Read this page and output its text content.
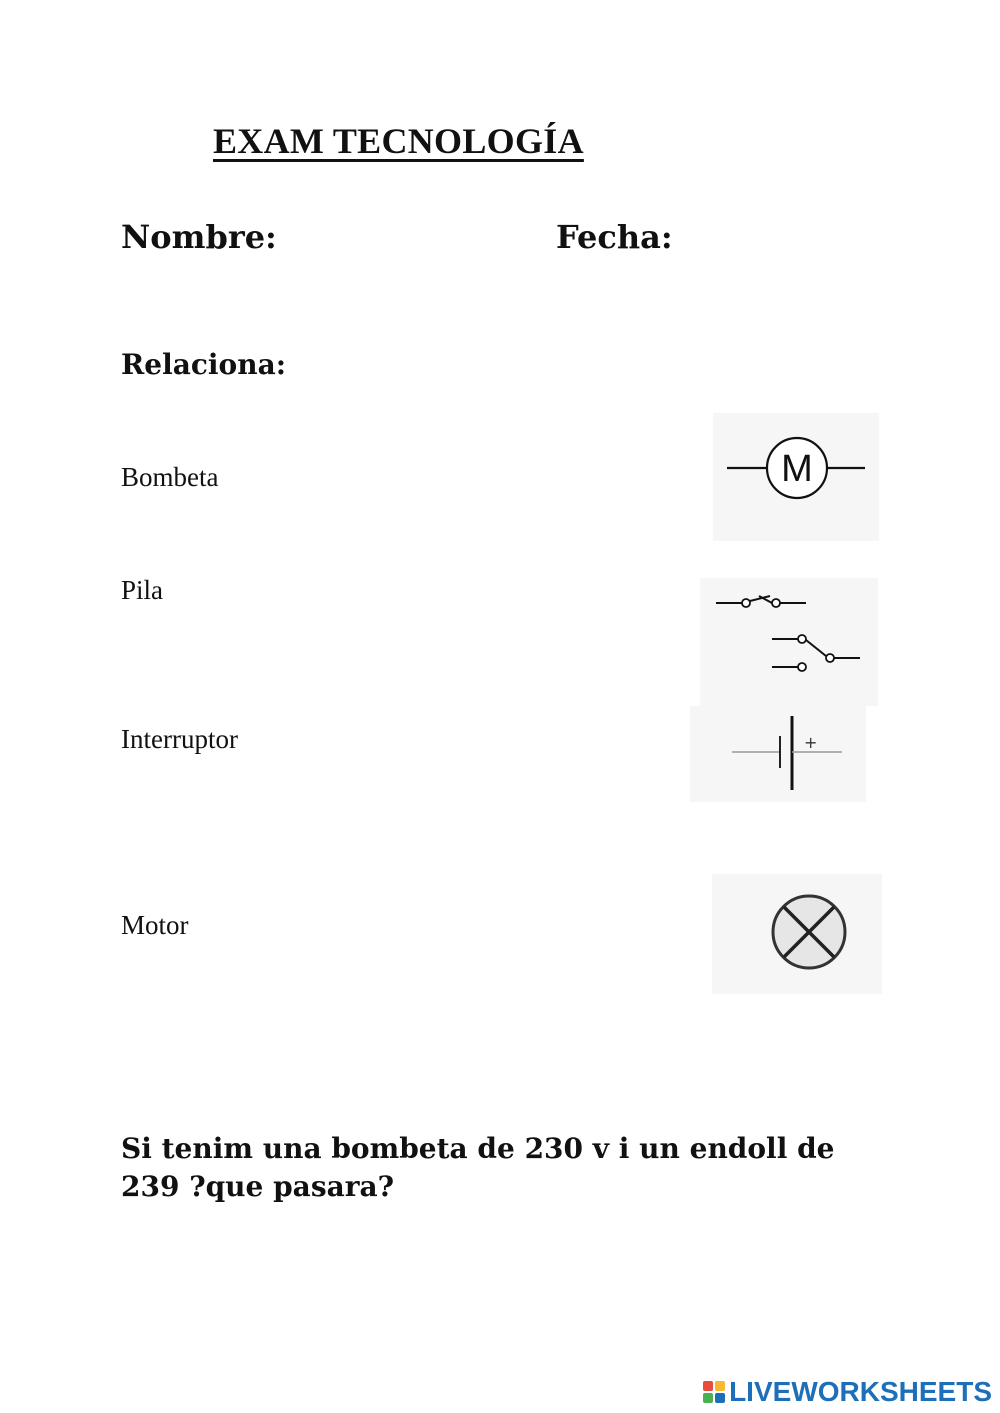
EXAM TECNOLOGÍA
Nombre:	Fecha:
Relaciona:
Bombeta
Pila
Interruptor
Motor
M
+
Si tenim una bombeta de 230 v i un endoll de 239 ?que pasara?
LIVEWORKSHEETS
